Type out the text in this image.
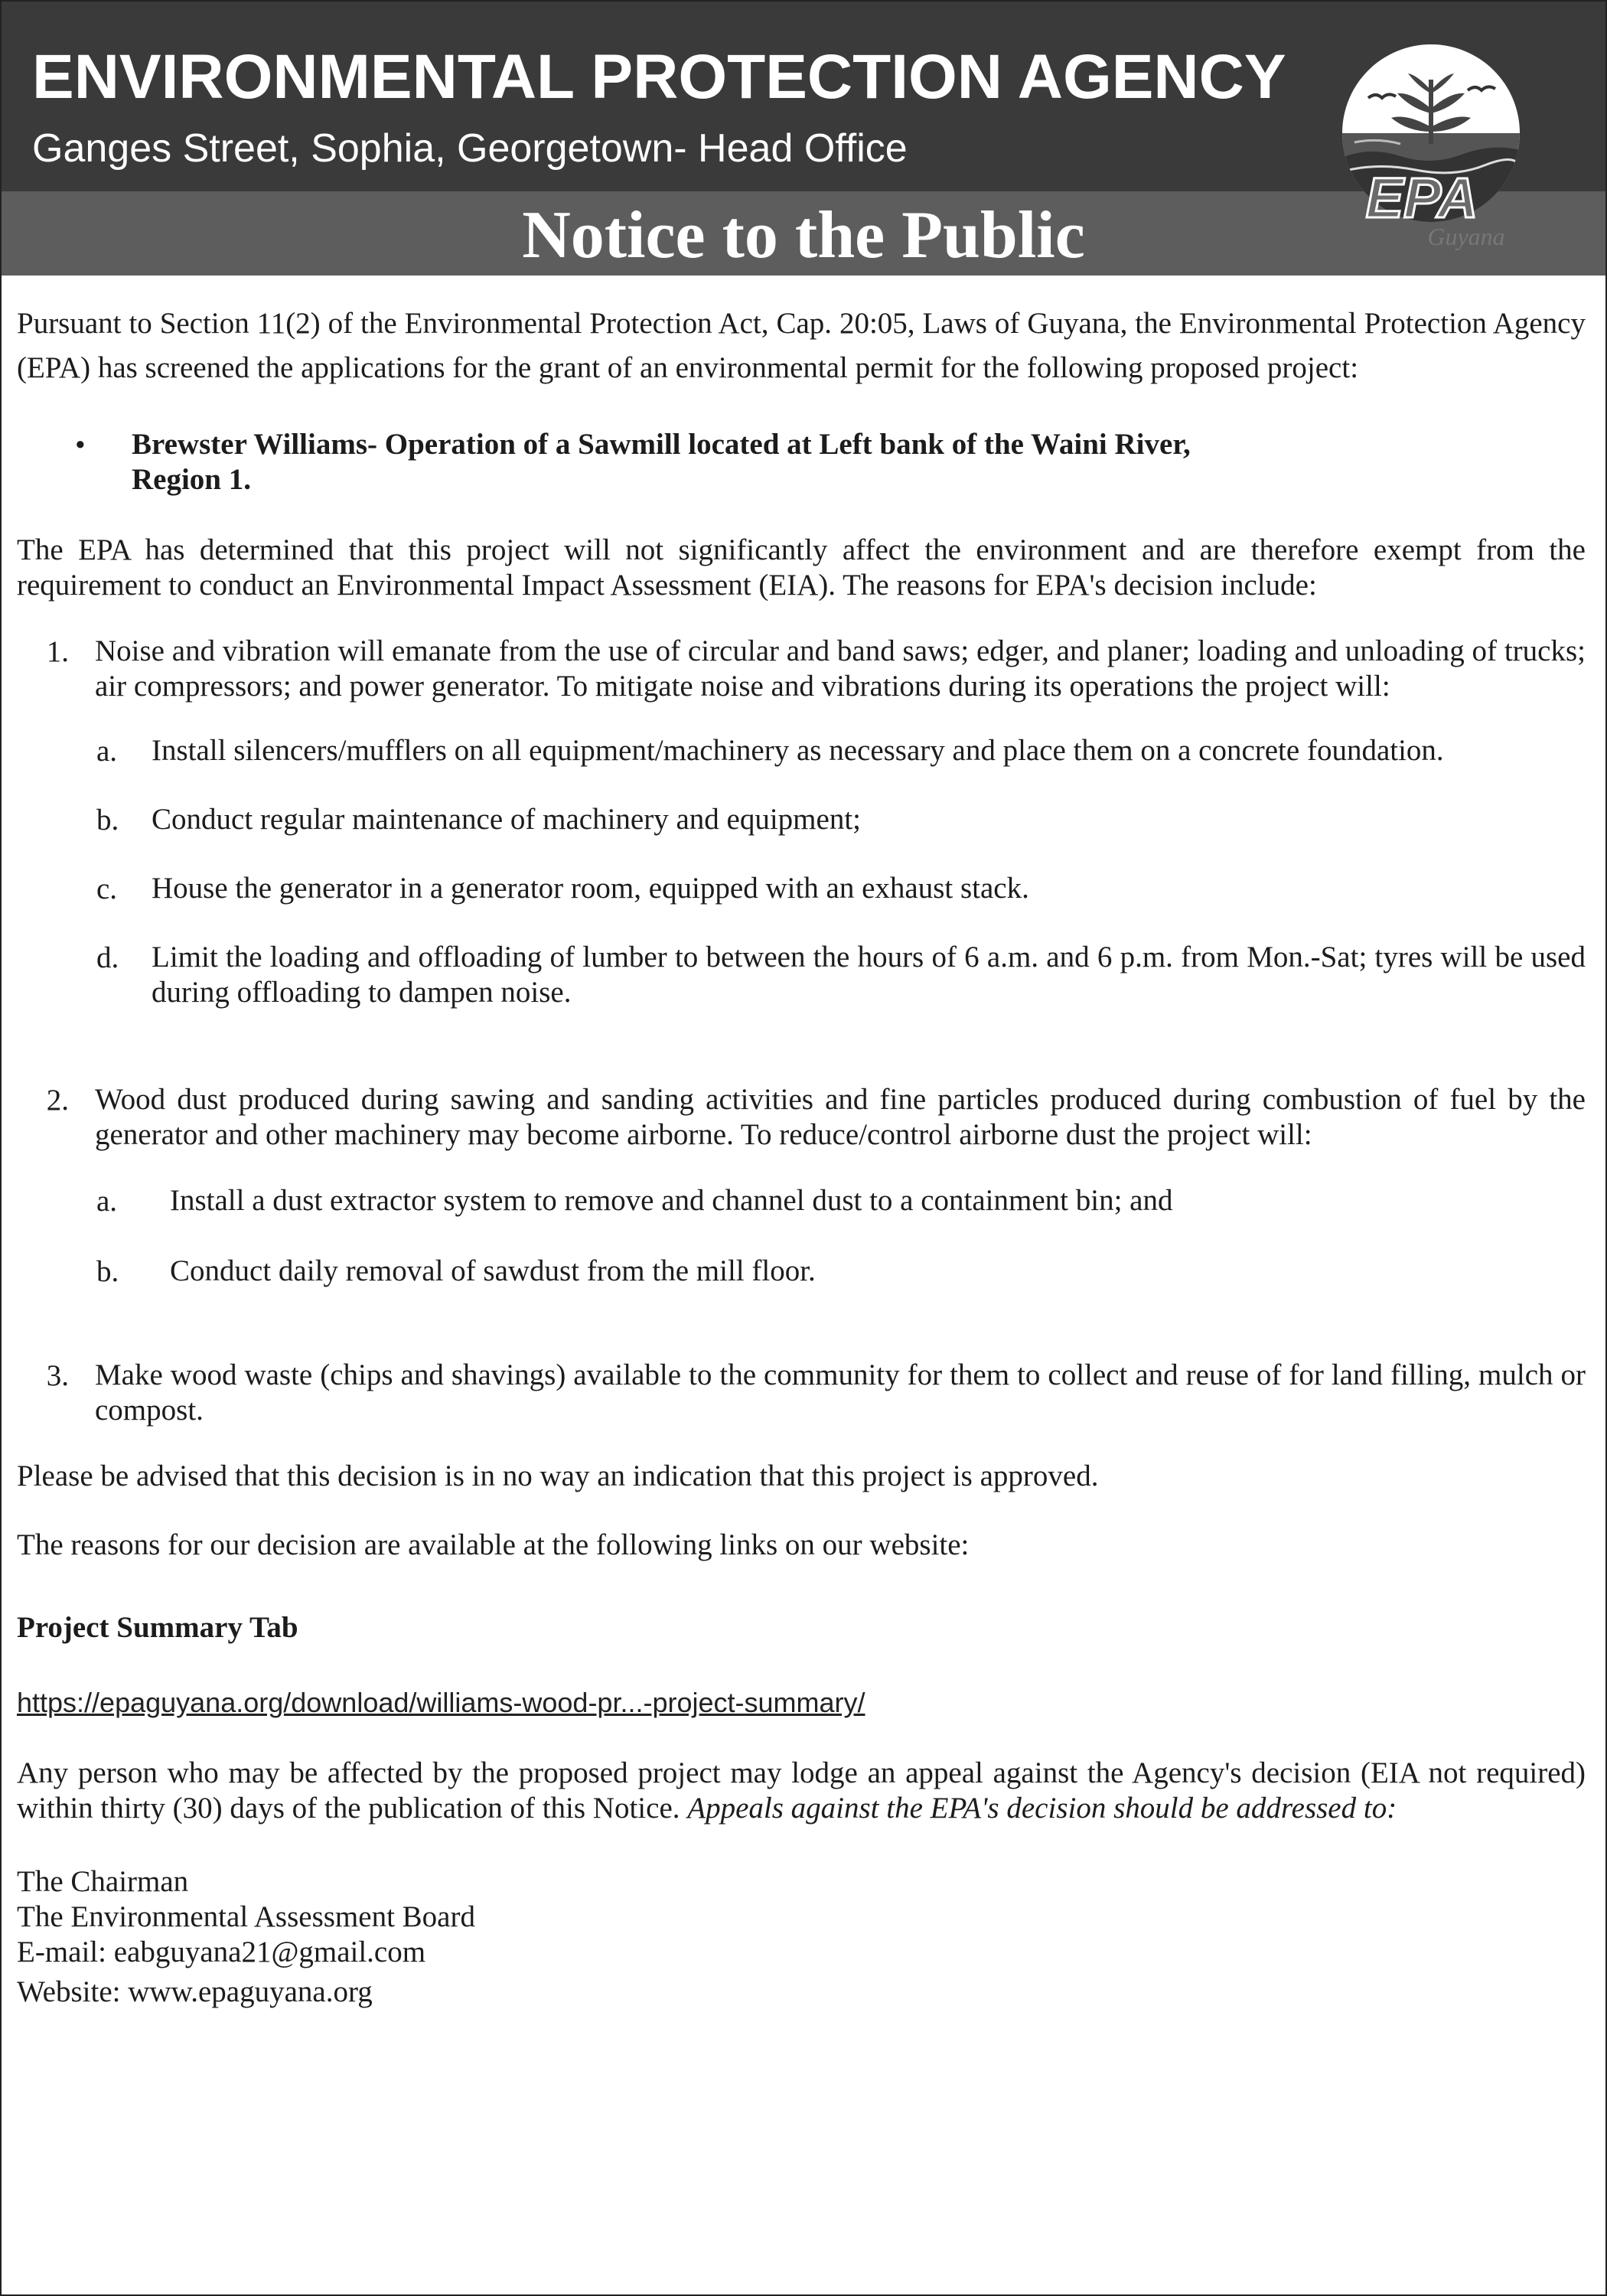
ENVIRONMENTAL PROTECTION AGENCY
Ganges Street, Sophia, Georgetown- Head Office
Notice to the Public
EPA
Guyana

Pursuant to Section 11(2) of the Environmental Protection Act, Cap. 20:05, Laws of Guyana, the Environmental Protection Agency (EPA) has screened the applications for the grant of an environmental permit for the following proposed project:

• Brewster Williams- Operation of a Sawmill located at Left bank of the Waini River,
Region 1.

The EPA has determined that this project will not significantly affect the environment and are therefore exempt from the requirement to conduct an Environmental Impact Assessment (EIA). The reasons for EPA's decision include:

1. Noise and vibration will emanate from the use of circular and band saws; edger, and planer; loading and unloading of trucks; air compressors; and power generator. To mitigate noise and vibrations during its operations the project will:
a.	Install silencers/mufflers on all equipment/machinery as necessary and place them on a concrete foundation.
b.	Conduct regular maintenance of machinery and equipment;
c.	House the generator in a generator room, equipped with an exhaust stack.
d.	Limit the loading and offloading of lumber to between the hours of 6 a.m. and 6 p.m. from Mon.-Sat; tyres will be used during offloading to dampen noise.
2. Wood dust produced during sawing and sanding activities and fine particles produced during combustion of fuel by the generator and other machinery may become airborne. To reduce/control airborne dust the project will:
a.	Install a dust extractor system to remove and channel dust to a containment bin; and
b.	Conduct daily removal of sawdust from the mill floor.
3. Make wood waste (chips and shavings) available to the community for them to collect and reuse of for land filling, mulch or compost.

Please be advised that this decision is in no way an indication that this project is approved.

The reasons for our decision are available at the following links on our website:

Project Summary Tab

https://epaguyana.org/download/williams-wood-pr...-project-summary/

Any person who may be affected by the proposed project may lodge an appeal against the Agency's decision (EIA not required) within thirty (30) days of the publication of this Notice. Appeals against the EPA's decision should be addressed to:

The Chairman

The Environmental Assessment Board

E-mail: eabguyana21@gmail.com

Website: www.epaguyana.org
